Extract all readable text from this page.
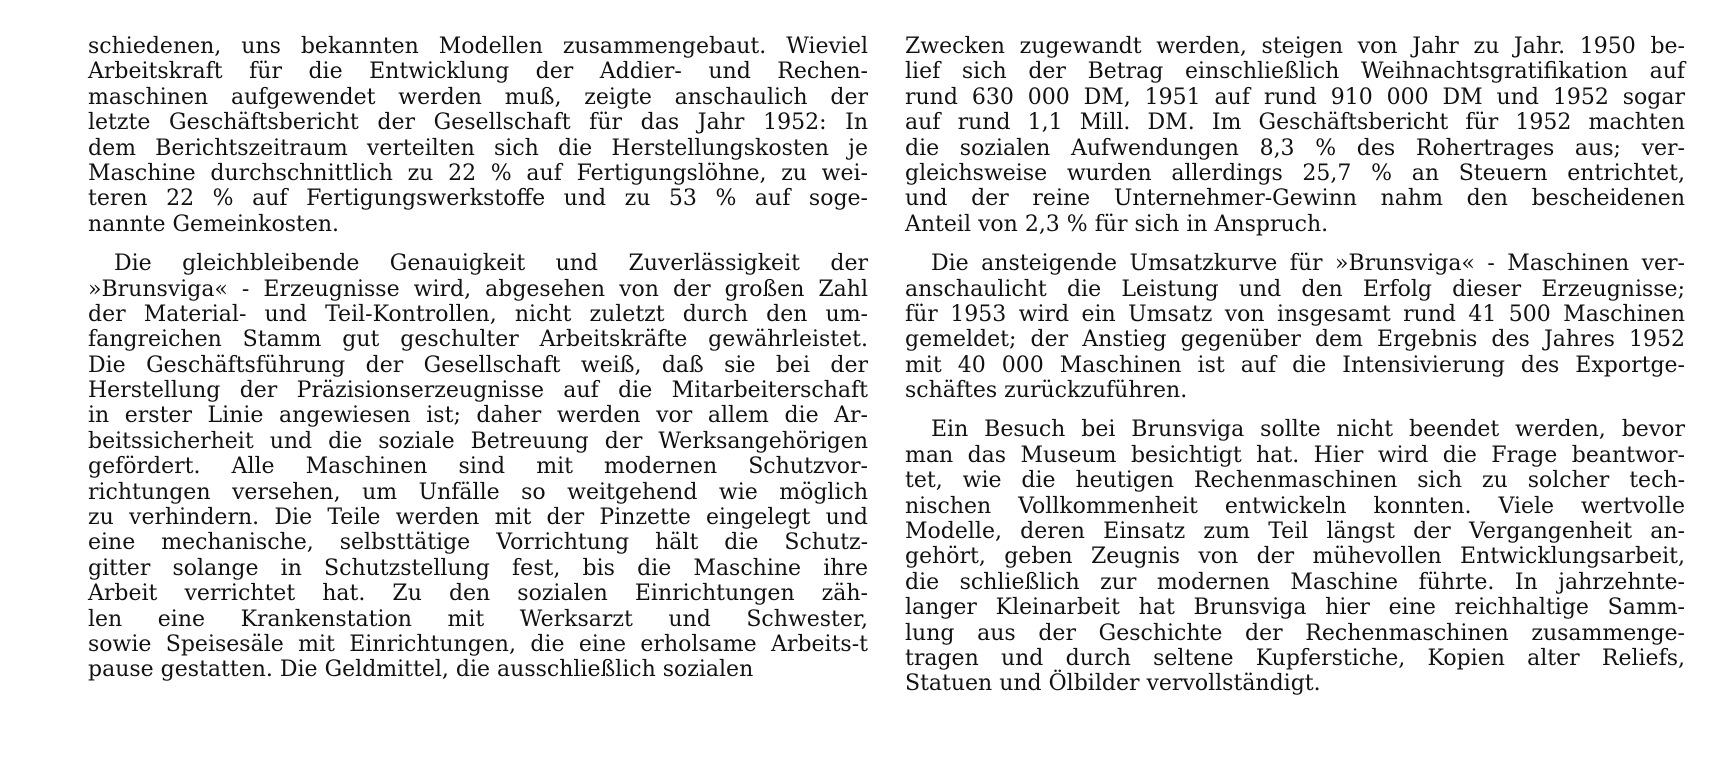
schiedenen, uns bekannten Modellen zusammengebaut. Wieviel
Arbeitskraft für die Entwicklung der Addier- und Rechen-
maschinen aufgewendet werden muß, zeigte anschaulich der
letzte Geschäftsbericht der Gesellschaft für das Jahr 1952: In
dem Berichtszeitraum verteilten sich die Herstellungskosten je
Maschine durchschnittlich zu 22 % auf Fertigungslöhne, zu wei-
teren 22 % auf Fertigungswerkstoffe und zu 53 % auf soge-
nannte Gemeinkosten.
Die gleichbleibende Genauigkeit und Zuverlässigkeit der
»Brunsviga« - Erzeugnisse wird, abgesehen von der großen Zahl
der Material- und Teil-Kontrollen, nicht zuletzt durch den um-
fangreichen Stamm gut geschulter Arbeitskräfte gewährleistet.
Die Geschäftsführung der Gesellschaft weiß, daß sie bei der
Herstellung der Präzisionserzeugnisse auf die Mitarbeiterschaft
in erster Linie angewiesen ist; daher werden vor allem die Ar-
beitssicherheit und die soziale Betreuung der Werksangehörigen
gefördert. Alle Maschinen sind mit modernen Schutzvor-
richtungen versehen, um Unfälle so weitgehend wie möglich
zu verhindern. Die Teile werden mit der Pinzette eingelegt und
eine mechanische, selbsttätige Vorrichtung hält die Schutz-
gitter solange in Schutzstellung fest, bis die Maschine ihre
Arbeit verrichtet hat. Zu den sozialen Einrichtungen zäh-
len eine Krankenstation mit Werksarzt und Schwester,
sowie Speisesäle mit Einrichtungen, die eine erholsame Arbeits-t
pause gestatten. Die Geldmittel, die ausschließlich sozialen
Zwecken zugewandt werden, steigen von Jahr zu Jahr. 1950 be-
lief sich der Betrag einschließlich Weihnachtsgratifikation auf
rund 630 000 DM, 1951 auf rund 910 000 DM und 1952 sogar
auf rund 1,1 Mill. DM. Im Geschäftsbericht für 1952 machten
die sozialen Aufwendungen 8,3 % des Rohertrages aus; ver-
gleichsweise wurden allerdings 25,7 % an Steuern entrichtet,
und der reine Unternehmer-Gewinn nahm den bescheidenen
Anteil von 2,3 % für sich in Anspruch.
Die ansteigende Umsatzkurve für »Brunsviga« - Maschinen ver-
anschaulicht die Leistung und den Erfolg dieser Erzeugnisse;
für 1953 wird ein Umsatz von insgesamt rund 41 500 Maschinen
gemeldet; der Anstieg gegenüber dem Ergebnis des Jahres 1952
mit 40 000 Maschinen ist auf die Intensivierung des Exportge-
schäftes zurückzuführen.
Ein Besuch bei Brunsviga sollte nicht beendet werden, bevor
man das Museum besichtigt hat. Hier wird die Frage beantwor-
tet, wie die heutigen Rechenmaschinen sich zu solcher tech-
nischen Vollkommenheit entwickeln konnten. Viele wertvolle
Modelle, deren Einsatz zum Teil längst der Vergangenheit an-
gehört, geben Zeugnis von der mühevollen Entwicklungsarbeit,
die schließlich zur modernen Maschine führte. In jahrzehnte-
langer Kleinarbeit hat Brunsviga hier eine reichhaltige Samm-
lung aus der Geschichte der Rechenmaschinen zusammenge-
tragen und durch seltene Kupferstiche, Kopien alter Reliefs,
Statuen und Ölbilder vervollständigt.
